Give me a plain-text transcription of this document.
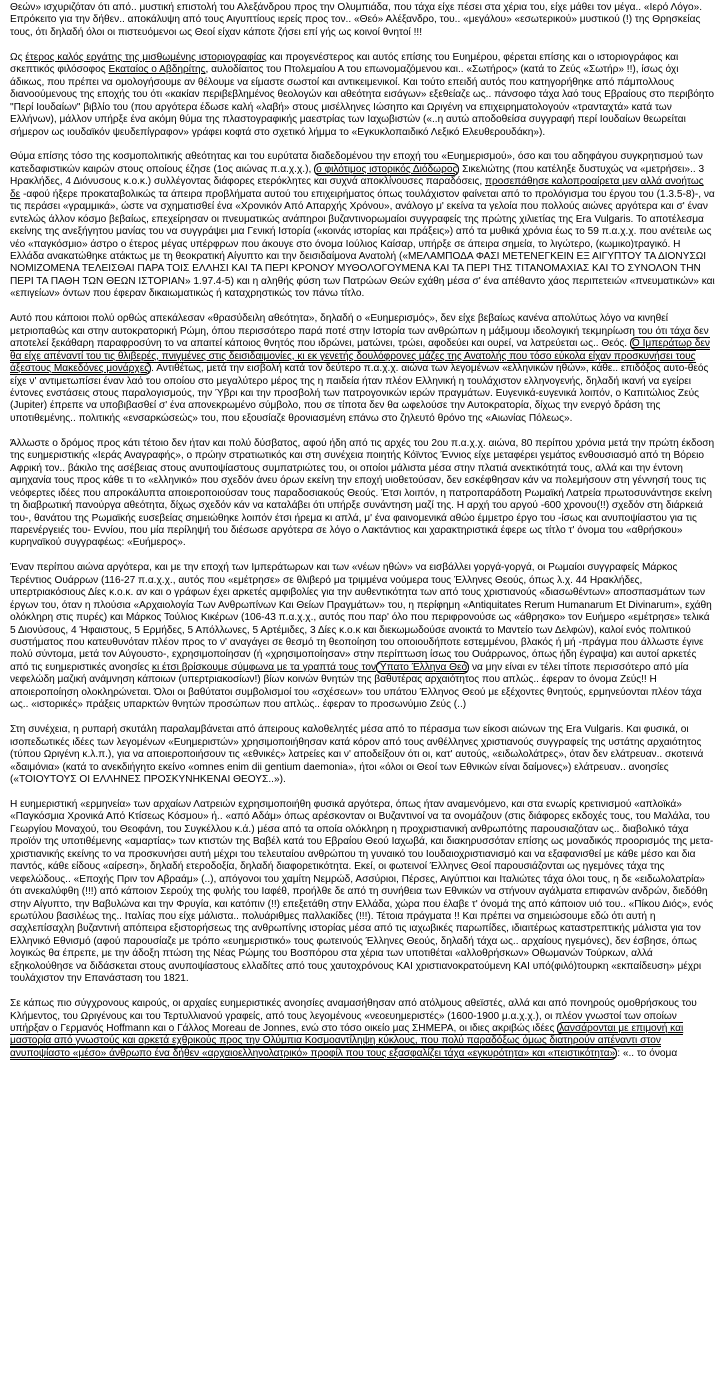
Θεών» ισχυριζόταν ότι από.. μυστική επιστολή του Αλεξάνδρου προς την Ολυμπιάδα, που τάχα είχε πέσει στα χέρια του, είχε μάθει τον μέγα.. «Ιερό Λόγο». Επρόκειτο για την δήθεν.. αποκάλυψη από τους Αιγυπτίους ιερείς προς τον.. «Θεό» Αλέξανδρο, του.. «μεγάλου» «εσωτερικού» μυστικού (!) της Θρησκείας τους, ότι δηλαδή όλοι οι πιστευόμενοι ως Θεοί είχαν κάποτε ζήσει επί γής ως κοινοί θνητοί !!!

Ως έτερος καλός εργάτης της μισθωμένης ιστοριογραφίας και προγενέστερος και αυτός επίσης του Ευημέρου, φέρεται επίσης και ο ιστοριογράφος και σκεπτικός φιλόσοφος Εκαταίος ο Αβδηρίτης, αυλοδίαιτος του Πτολεμαίου Α του επωνομαζόμενου και.. «Σωτήρος» (κατά το Ζεύς «Σωτήρ» !!), ίσως όχι άδικως, που πρέπει να ομολογήσουμε αν θέλουμε να είμαστε σωστοί και αντικειμενικοί. Και τούτο επειδή αυτός που κατηγορήθηκε από πάμπολλους διανοούμενους της εποχής του ότι «κακίαν περιβεβλημένος θεολογών και αθεότητα εισάγων» εξεθείαζε ως.. πάνσοφο τάχα λαό τους Εβραίους στο περιβόητο "Περί Ιουδαίων" βιβλίο του (που αργότερα έδωσε καλή «λαβή» στους μισέλληνες Ιώσηπο και Ωριγένη να επιχειρηματολογούν «τρανταχτά» κατά των Ελλήνων), μάλλον υπήρξε ένα ακόμη θύμα της πλαστογραφικής μαεστρίας των Ιαχωβιστών («..η αυτώ αποδοθείσα συγγραφή περί Ιουδαίων θεωρείται σήμερον ως ιουδαϊκόν ψευδεπίγραφον» γράφει κοφτά στο σχετικό λήμμα το «Εγκυκλοπαιδικό Λεξικό Ελευθερουδάκη»).

Θύμα επίσης τόσο της κοσμοπολιτικής αθεότητας και του ευρύτατα διαδεδομένου την εποχή του «Ευημερισμού», όσο και του αδηφάγου συγκρητισμού των κατεδαφιστικών καιρών στους οποίους έζησε (1ος αιώνας π.α.χ.χ.), ο φιλότιμος ιστορικός Διόδωρος Σικελιώτης (που κατέληξε δυστυχώς να «μετρήσει».. 3 Ηρακλήδες, 4 Διόνυσους κ.ο.κ.) συλλέγοντας διάφορες ετερόκλητες και συχνά αποκλίνουσες παραδόσεις, προσεπάθησε καλοπροαίρετα μεν αλλά ανοήτως δε -αφού ήξερε προκαταβολικώς τα άπειρα προβλήματα αυτού του επιχειρήματος όπως τουλάχιστον φαίνεται από το προλόγισμα του έργου του (1.3.5-8)-, να τις περάσει «γραμμικά», ώστε να σχηματισθεί ένα «Χρονικόν Από Απαρχής Χρόνου», ανάλογο μ' εκείνα τα γελοία που πολλούς αιώνες αργότερα και σ' έναν εντελώς άλλον κόσμο βεβαίως, επεχείρησαν οι πνευματικώς ανάπηροι βυζαντινορωμαίοι συγγραφείς της πρώτης χιλιετίας της Era Vulgaris. Το αποτέλεσμα εκείνης της ανεξήγητου μανίας του να συγγράψει μια Γενική Ιστορία («κοινάς ιστορίας και πράξεις») από τα μυθικά χρόνια έως το 59 π.α.χ.χ. που ανέτειλε ως νέο «παγκόσμιο» άστρο ο έτερος μέγας υπέρφρων που άκουγε στο όνομα Ιούλιος Καίσαρ, υπήρξε σε άπειρα σημεία, το λιγώτερο, (κωμικο)τραγικό. Η Ελλάδα ανακατώθηκε ατάκτως με τη θεοκρατική Αίγυπτο και την δεισιδαίμονα Ανατολή («ΜΕΛΑΜΠΟΔΑ ΦΑΣΙ ΜΕΤΕΝΕΓΚΕΙΝ ΕΞ ΑΙΓΥΠΤΟΥ ΤΑ ΔΙΟΝΥΣΩΙ ΝΟΜΙΖΟΜΕΝΑ ΤΕΛΕΙΣΘΑΙ ΠΑΡΑ ΤΟΙΣ ΕΛΛΗΣΙ ΚΑΙ ΤΑ ΠΕΡΙ ΚΡΟΝΟΥ ΜΥΘΟΛΟΓΟΥΜΕΝΑ ΚΑΙ ΤΑ ΠΕΡΙ ΤΗΣ ΤΙΤΑΝΟΜΑΧΙΑΣ ΚΑΙ ΤΟ ΣΥΝΟΛΟΝ ΤΗΝ ΠΕΡΙ ΤΑ ΠΑΘΗ ΤΩΝ ΘΕΩΝ ΙΣΤΟΡΙΑΝ» 1.97.4-5) και η αληθής φύση των Πατρώων Θεών εχάθη μέσα σ' ένα απέθαντο χάος περιπετειών «πνευματικών» και «επιγείων» όντων που έφεραν δικαιωματικώς ή καταχρηστικώς τον πάνω τίτλο.

Αυτό που κάποιοι πολύ ορθώς απεκάλεσαν «θρασύδειλη αθεότητα», δηλαδή ο «Ευημερισμός», δεν είχε βεβαίως κανένα απολύτως λόγο να κινηθεί μετριοπαθώς και στην αυτοκρατορική Ρώμη, όπου περισσότερο παρά ποτέ στην Ιστορία των ανθρώπων η μάξιμουμ ιδεολογική τεκμηρίωση του ότι τάχα δεν αποτελεί ξεκάθαρη παραφροσύνη το να απαιτεί κάποιος θνητός που ιδρώνει, ματώνει, τρώει, αφοδεύει και ουρεί, να λατρεύεται ως.. Θεός. Ο Ιμπεράτωρ δεν θα είχε απέναντί του τις θλιβερές, πνιγμένες στις δεισιδαιμονίες, κι εκ γενετής δουλόφρονες μάζες της Ανατολής που τόσο εύκολα είχαν προσκυνήσει τους άξεστους Μακεδόνες μονάρχες . Αντιθέτως, μετά την εισβολή κατά τον δεύτερο π.α.χ.χ. αιώνα των λεγομένων «ελληνικών ηθών», κάθε.. επιδόξος αυτο-θεός είχε ν' αντιμετωπίσει έναν λαό του οποίου στο μεγαλύτερο μέρος της η παιδεία ήταν πλέον Ελληνική η τουλάχιστον ελληνογενής, δηλαδή ικανή να εγείρει έντονες ενστάσεις στους παραλογισμούς, την Ύβρι και την προσβολή των πατρογονικών ιερών πραγμάτων. Ευγενικά-ευγενικά λοιπόν, ο Καπιτώλιος Ζεύς (Jupiter) έπρεπε να υποβιβασθεί σ' ένα απονεκρωμένο σύμβολο, που σε τίποτα δεν θα ωφελούσε την Αυτοκρατορία, δίχως την ενεργό δράση της υποτιθεμένης.. πολιτικής «ενσαρκώσεώς» του, που εξουσίαζε θρονιασμένη επάνω στο ζηλευτό θρόνο της «Αιωνίας Πόλεως».

Άλλωστε ο δρόμος προς κάτι τέτοιο δεν ήταν και πολύ δύσβατος, αφού ήδη από τις αρχές του 2ου π.α.χ.χ. αιώνα, 80 περίπου χρόνια μετά την πρώτη έκδοση της ευημεριστικής «Ιεράς Αναγραφής», ο πρώην στρατιωτικός και στη συνέχεια ποιητής Κόϊντος Έννιος είχε μεταφέρει γεμάτος ενθουσιασμό από τη Βόρειο Αφρική τον.. βάκιλο της ασέβειας στους ανυποψίαστους συμπατριώτες του, οι οποίοι μάλιστα μέσα στην πλατιά ανεκτικότητά τους, αλλά και την έντονη αμηχανία τους προς κάθε τι το «ελληνικό» που σχεδόν άνευ όρων εκείνη την εποχή υιοθετούσαν, δεν εσκέφθησαν κάν να πολεμήσουν στη γέννησή τους τις νεόφερτες ιδέες που απροκάλυπτα αποιεροποιούσαν τους παραδοσιακούς Θεούς. Έτσι λοιπόν, η πατροπαράδοτη Ρωμαϊκή Λατρεία πρωτοσυνάντησε εκείνη τη διαβρωτική πανούργα αθεότητα, δίχως σχεδόν κάν να καταλάβει ότι υπήρξε συνάντηση μαζί της. Η αρχή του αργού -600 χρονου(!!) σχεδόν στη διάρκειά του-, θανάτου της Ρωμαϊκής ευσεβείας σημειώθηκε λοιπόν έτσι ήρεμα κι απλά, μ' ένα φαινομενικά αθώο έμμετρο έργο του -ίσως και ανυποψίαστου για τις παρενέργειές του- Εννίου, που μία περίληψή του διέσωσε αργότερα σε λόγο ο Λακτάντιος και χαρακτηριστικά έφερε ως τίτλο τ' όνομα του «αθρήσκου» κυρηναϊκού συγγραφέως: «Ευήμερος».

Έναν περίπου αιώνα αργότερα, και με την εποχή των Ιμπεράτωρων και των «νέων ηθών» να εισβάλλει γοργά-γοργά, οι Ρωμαίοι συγγραφείς Μάρκος Τερέντιος Ουάρρων (116-27 π.α.χ.χ., αυτός που «εμέτρησε» σε θλιβερό μα τριμμένα νούμερα τους Έλληνες Θεούς, όπως λ.χ. 44 Ηρακλήδες, υπερτριακόσιους Δίες κ.ο.κ. αν και ο γράφων έχει αρκετές αμφιβολίες για την αυθεντικότητα των από τους χριστιανούς «διασωθέντων» αποσπασμάτων των έργων του, όταν η πλούσια «Αρχαιολογία Των Ανθρωπίνων Και Θείων Πραγμάτων» του, η περίφημη «Antiquitates Rerum Humanarum Et Divinarum», εχάθη ολόκληρη στις πυρές) και Μάρκος Τούλιος Κικέρων (106-43 π.α.χ.χ., αυτός που παρ' όλο που περιφρονούσε ως «άθρησκο» τον Ευήμερο «εμέτρησε» τελικά 5 Διονύσους, 4 Ήφαιστους, 5 Ερμήδες, 5 Απόλλωνες, 5 Αρτέμιδες, 3 Δίες κ.ο.κ και διεκωμωδούσε ανοικτά το Μαντείο των Δελφών), καλοί ενός πολιτικού συστήματος που κατευθυνόταν πλέον προς το ν' αναγάγει σε θεσμό τη θεοποίηση του οποιουδήποτε εστεμμένου, βλακός ή μή -πράγμα που άλλωστε έγινε πολύ σύντομα, μετά τον Αύγουστο-, εχρησιμοποίησαν (ή «χρησιμοποίησαν» στην περίπτωση ίσως του Ουάρρωνος, όπως ήδη έγραψα) και αυτοί αρκετές από τις ευημεριστικές ανοησίες κι έτσι βρίσκουμε σύμφωνα με τα γραπτά τους τον Ύπατο Έλληνα Θεό να μην είναι εν τέλει τίποτε περισσότερο από μία νεφελώδη μαζική ανάμνηση κάποιων (υπερτριακοσίων!) βίων κοινών θνητών της βαθυτέρας αρχαιότητος που απλώς.. έφεραν το όνομα Ζεύς!! Η αποιεροποίηση ολοκληρώνεται. Όλοι οι βαθύτατοι συμβολισμοί του «σχέσεων» του υπάτου Έλληνος Θεού με εξέχοντες θνητούς, ερμηνεύονται πλέον τάχα ως.. «ιστορικές» πράξεις υπαρκτών θνητών προσώπων που απλώς.. έφεραν το προσωνύμιο Ζεύς (..)

Στη συνέχεια, η ρυπαρή σκυτάλη παραλαμβάνεται από άπειρους καλοθελητές μέσα από το πέρασμα των είκοσι αιώνων της Era Vulgaris. Και φυσικά, οι ισοπεδωτικές ιδέες των λεγομένων «Ευημεριστών» χρησιμοποιήθησαν κατά κόρον από τους ανθέλληνες χριστιανούς συγγραφείς της υστάτης αρχαιότητος (τύπου Ωριγένη κ.λ.π.), για να αποιεροποιήσουν τις «εθνικές» λατρείες και ν' αποδείξουν ότι οι, κατ' αυτούς, «ειδωλολάτρες», όταν δεν ελάτρευαν.. σκοτεινά «δαιμόνια» (κατά το ανεκδιήγητο εκείνο «omnes enim dii gentium daemonia», ήτοι «όλοι οι Θεοί των Εθνικών είναι δαίμονες») ελάτρευαν.. ανοησίες («ΤΟΙΟΥΤΟΥΣ ΟΙ ΕΛΛΗΝΕΣ ΠΡΟΣΚΥΝΗΚΕΝΑΙ ΘΕΟΥΣ..»).

Η ευημεριστική «ερμηνεία» των αρχαίων Λατρειών εχρησιμοποιήθη φυσικά αργότερα, όπως ήταν αναμενόμενο, και στα ενωρίς κρετινισμού «απλοϊκά» «Παγκόσμια Χρονικά Από Κτίσεως Κόσμου» ή.. «από Αδάμ» όπως αρέσκονταν οι Βυζαντινοί να τα ονομάζουν (στις διάφορες εκδοχές τους, του Μαλάλα, του Γεωργίου Μοναχού, του Θεοφάνη, του Συγκέλλου κ.ά.) μέσα από τα οποία ολόκληρη η προχριστιανική ανθρωπότης παρουσιαζόταν ως.. διαβολικό τάχα προϊόν της υποτιθέμενης «αμαρτίας» των κτιστών της Βαβέλ κατά του Εβραίου Θεού Ιαχωβά, και διακηρυσσόταν επίσης ως μοναδικός προορισμός της μετα-χριστιανικής εκείνης το να προσκυνήσει αυτή μέχρι του τελευταίου ανθρώπου τη γυναικό του Ιουδαιοχριστιανισμό και να εξαφανισθεί με κάθε μέσο και δια παντός, κάθε είδους «αίρεση», δηλαδή ετεροδοξία, δηλαδή διαφορετικότητα. Εκεί, οι φωτεινοί Έλληνες Θεοί παρουσιάζονται ως ηγεμόνες τάχα της νεφελώδους.. «Εποχής Πριν τον Αβραάμ» (..), απόγονοι του χαμίτη Νεμρώδ, Ασσύριοι, Πέρσες, Αιγύπτιοι και Ιταλιώτες τάχα όλοι τους, η δε «ειδωλολατρία» ότι ανεκαλύφθη (!!!) από κάποιον Σερούχ της φυλής του Ιαφέθ, προήλθε δε από τη συνήθεια των Εθνικών να στήνουν αγάλματα επιφανών ανδρών, διεδόθη στην Αίγυπτο, την Βαβυλώνα και την Φρυγία, και κατόπιν (!!) επεξετάθη στην Ελλάδα, χώρα που έλαβε τ' όνομά της από κάποιον υιό του.. «Πίκου Διός», ενός ερωτύλου βασιλέως της.. Ιταλίας που είχε μάλιστα.. πολυάριθμες παλλακίδες (!!!). Τέτοια πράγματα !! Και πρέπει να σημειώσουμε εδώ ότι αυτή η σαχλεπίσαχλη βυζαντινή απόπειρα εξιστορήσεως της ανθρωπίνης ιστορίας μέσα από τις ιαχωβικές παρωπίδες, ιδιαιτέρως καταστρεπτικής μάλιστα για τον Ελληνικό Εθνισμό (αφού παρουσίαζε με τρόπο «ευημεριστικό» τους φωτεινούς Έλληνες Θεούς, δηλαδή τάχα ως.. αρχαίους ηγεμόνες), δεν έσβησε, όπως λογικώς θα έπρεπε, με την άδοξη πτώση της Νέας Ρώμης του Βοσπόρου στα χέρια των υποτιθέται «αλλοθρήσκων» Οθωμανών Τούρκων, αλλά εξηκολούθησε να διδάσκεται στους ανυποψίαστους ελλαδίτες από τους χαυτοχρόνους ΚΑΙ χριστιανοκρατούμενη ΚΑΙ υπό(φιλό)τουρκη «εκπαίδευση» μέχρι τουλάχιστον την Επανάσταση του 1821.

Σε κάπως πιο σύγχρονους καιρούς, οι αρχαίες ευημεριστικές ανοησίες αναμασήθησαν από ατόλμους αθεϊστές, αλλά και από πονηρούς ομοθρήσκους του Κλήμεντος, του Ωριγένους και του Τερτυλλιανού γραφείς, από τους λεγομένους «νεοευημεριστές» (1600-1900 μ.α.χ.χ.), οι πλέον γνωστοί των οποίων υπήρξαν ο Γερμανός Hoffmann και ο Γάλλος Moreau de Jonnes, ενώ στο τόσο οικείο μας ΣΗΜΕΡΑ, οι ιδιες ακριβώς ιδέες λανσάρονται με επιμονή και μαστορία από γνωστούς και αρκετά εχθρικούς προς την Ολύμπια Κοσμοαντίληψη κύκλους, που πολύ παραδόξως όμως διατηρούν απέναντι στον ανυποψίαστο «μέσο» άνθρωπο ένα δήθεν «αρχαιοελληνολατρικό» προφίλ που τους εξασφαλίζει τάχα «εγκυρότητα» και «πειστικότητα» : «.. το όνομα
